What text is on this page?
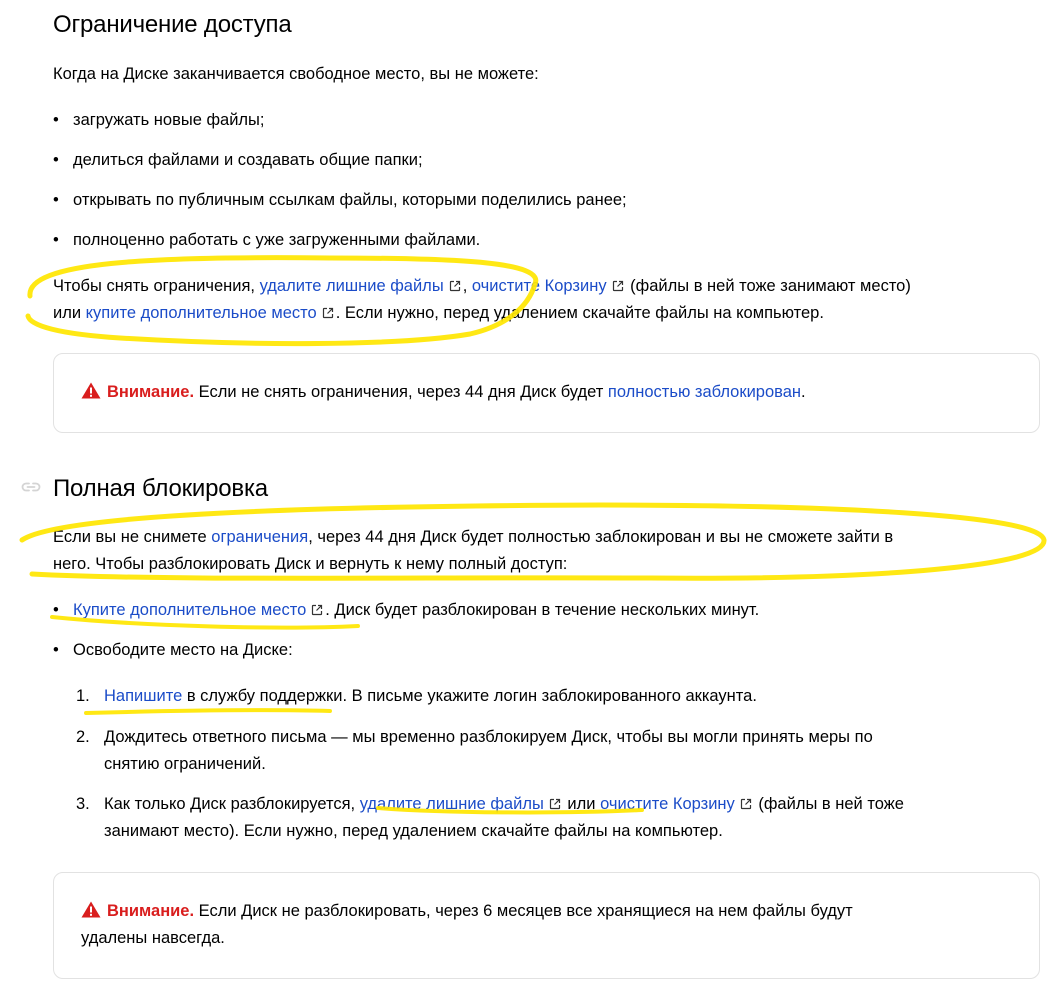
Ограничение доступа
Когда на Диске заканчивается свободное место, вы не можете:
• загружать новые файлы;
• делиться файлами и создавать общие папки;
• открывать по публичным ссылкам файлы, которыми поделились ранее;
• полноценно работать с уже загруженными файлами.
Чтобы снять ограничения, удалите лишние файлы , очистите Корзину (файлы в ней тоже занимают место)
или купите дополнительное место . Если нужно, перед удалением скачайте файлы на компьютер.
Внимание. Если не снять ограничения, через 44 дня Диск будет полностью заблокирован.
Полная блокировка
Если вы не снимете ограничения, через 44 дня Диск будет полностью заблокирован и вы не сможете зайти в
него. Чтобы разблокировать Диск и вернуть к нему полный доступ:
• Купите дополнительное место . Диск будет разблокирован в течение нескольких минут.
• Освободите место на Диске:
1. Напишите в службу поддержки. В письме укажите логин заблокированного аккаунта.
2. Дождитесь ответного письма — мы временно разблокируем Диск, чтобы вы могли принять меры по
снятию ограничений.
3. Как только Диск разблокируется, удалите лишние файлы или очистите Корзину (файлы в ней тоже
занимают место). Если нужно, перед удалением скачайте файлы на компьютер.
Внимание. Если Диск не разблокировать, через 6 месяцев все хранящиеся на нем файлы будут
удалены навсегда.
